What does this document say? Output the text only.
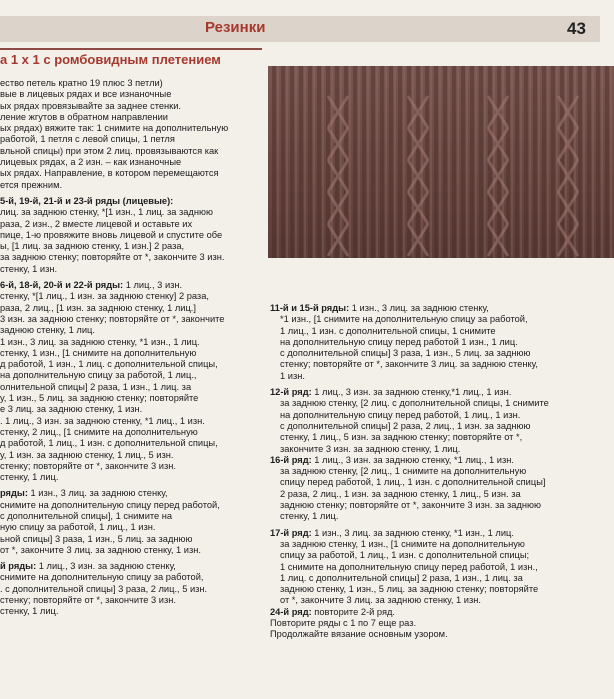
Резинки	43
а 1 х 1 с ромбовидным плетением
ество петель кратно 19 плюс 3 петли)
вые в лицевых рядах и все изнаночные
ых рядах провязывайте за заднее стенки.
ление жгутов в обратном направлении
ых рядах) вяжите так: 1 снимите на дополнительную
работой, 1 петля с левой спицы, 1 петля
вльной спицы) при этом 2 лиц. провязываются как
лицевых рядах, а 2 изн. – как изнаночные
ых рядах. Направление, в котором перемещаются
ется прежним.
5-й, 19-й, 21-й и 23-й ряды (лицевые):
лиц. за заднюю стенку, *[1 изн., 1 лиц. за заднюю
раза, 2 изн., 2 вместе лицевой и оставьте их
пице, 1-ю провяжите вновь лицевой и спустите обе
ы, [1 лиц. за заднюю стенку, 1 изн.] 2 раза,
за заднюю стенку; повторяйте от *, закончите 3 изн.
стенку, 1 изн.
6-й, 18-й, 20-й и 22-й ряды: 1 лиц., 3 изн.
стенку, *[1 лиц., 1 изн. за заднюю стенку] 2 раза,
раза, 2 лиц., [1 изн. за заднюю стенку, 1 лиц.]
3 изн. за заднюю стенку; повторяйте от *, закончите
заднюю стенку, 1 лиц.
1 изн., 3 лиц. за заднюю стенку, *1 изн., 1 лиц.
стенку, 1 изн., [1 снимите на дополнительную
д работой, 1 изн., 1 лиц. с дополнительной спицы,
на дополнительную спицу за работой, 1 лиц.,
олнительной спицы] 2 раза, 1 изн., 1 лиц. за
у, 1 изн., 5 лиц. за заднюю стенку; повторяйте
е 3 лиц. за заднюю стенку, 1 изн.
. 1 лиц., 3 изн. за заднюю стенку, *1 лиц., 1 изн.
стенку, 2 лиц., [1 снимите на дополнительную
д работой, 1 лиц., 1 изн. с дополнительной спицы,
у, 1 изн. за заднюю стенку, 1 лиц., 5 изн.
стенку; повторяйте от *, закончите 3 изн.
стенку, 1 лиц.
ряды: 1 изн., 3 лиц. за заднюю стенку,
снимите на дополнительную спицу перед работой,
с дополнительной спицы], 1 снимите на
ную спицу за работой, 1 лиц., 1 изн.
ьной спицы] 3 раза, 1 изн., 5 лиц. за заднюю
от *, закончите 3 лиц. за заднюю стенку, 1 изн.
й ряды: 1 лиц., 3 изн. за заднюю стенку,
снимите на дополнительную спицу за работой,
. с дополнительной спицы] 3 раза, 2 лиц., 5 изн.
стенку; повторяйте от *, закончите 3 изн.
стенку, 1 лиц.
11-й и 15-й ряды: 1 изн., 3 лиц. за заднюю стенку,
*1 изн., [1 снимите на дополнительную спицу за работой,
1 лиц., 1 изн. с дополнительной спицы, 1 снимите
на дополнительную спицу перед работой 1 изн., 1 лиц.
с дополнительной спицы] 3 раза, 1 изн., 5 лиц. за заднюю
стенку; повторяйте от *, закончите 3 лиц. за заднюю стенку,
1 изн.
12-й ряд: 1 лиц., 3 изн. за заднюю стенку,*1 лиц., 1 изн.
за заднюю стенку, [2 лиц. с дополнительной спицы, 1 снимите
на дополнительную спицу перед работой, 1 лиц., 1 изн.
с дополнительной спицы] 2 раза, 2 лиц., 1 изн. за заднюю
стенку, 1 лиц., 5 изн. за заднюю стенку; повторяйте от *,
закончите 3 изн. за заднюю стенку, 1 лиц.
16-й ряд: 1 лиц., 3 изн. за заднюю стенку, *1 лиц., 1 изн.
за заднюю стенку, [2 лиц., 1 снимите на дополнительную
спицу перед работой, 1 лиц., 1 изн. с дополнительной спицы]
2 раза, 2 лиц., 1 изн. за заднюю стенку, 1 лиц., 5 изн. за
заднюю стенку; повторяйте от *, закончите 3 изн. за заднюю
стенку, 1 лиц.
17-й ряд: 1 изн., 3 лиц. за заднюю стенку, *1 изн., 1 лиц.
за заднюю стенку, 1 изн., [1 снимите на дополнительную
спицу за работой, 1 лиц., 1 изн. с дополнительной спицы;
1 снимите на дополнительную спицу перед работой, 1 изн.,
1 лиц. с дополнительной спицы] 2 раза, 1 изн., 1 лиц. за
заднюю стенку, 1 изн., 5 лиц. за заднюю стенку; повторяйте
от *, закончите 3 лиц. за заднюю стенку, 1 изн.
24-й ряд: повторите 2-й ряд.
Повторите ряды с 1 по 7 еще раз.
Продолжайте вязание основным узором.
